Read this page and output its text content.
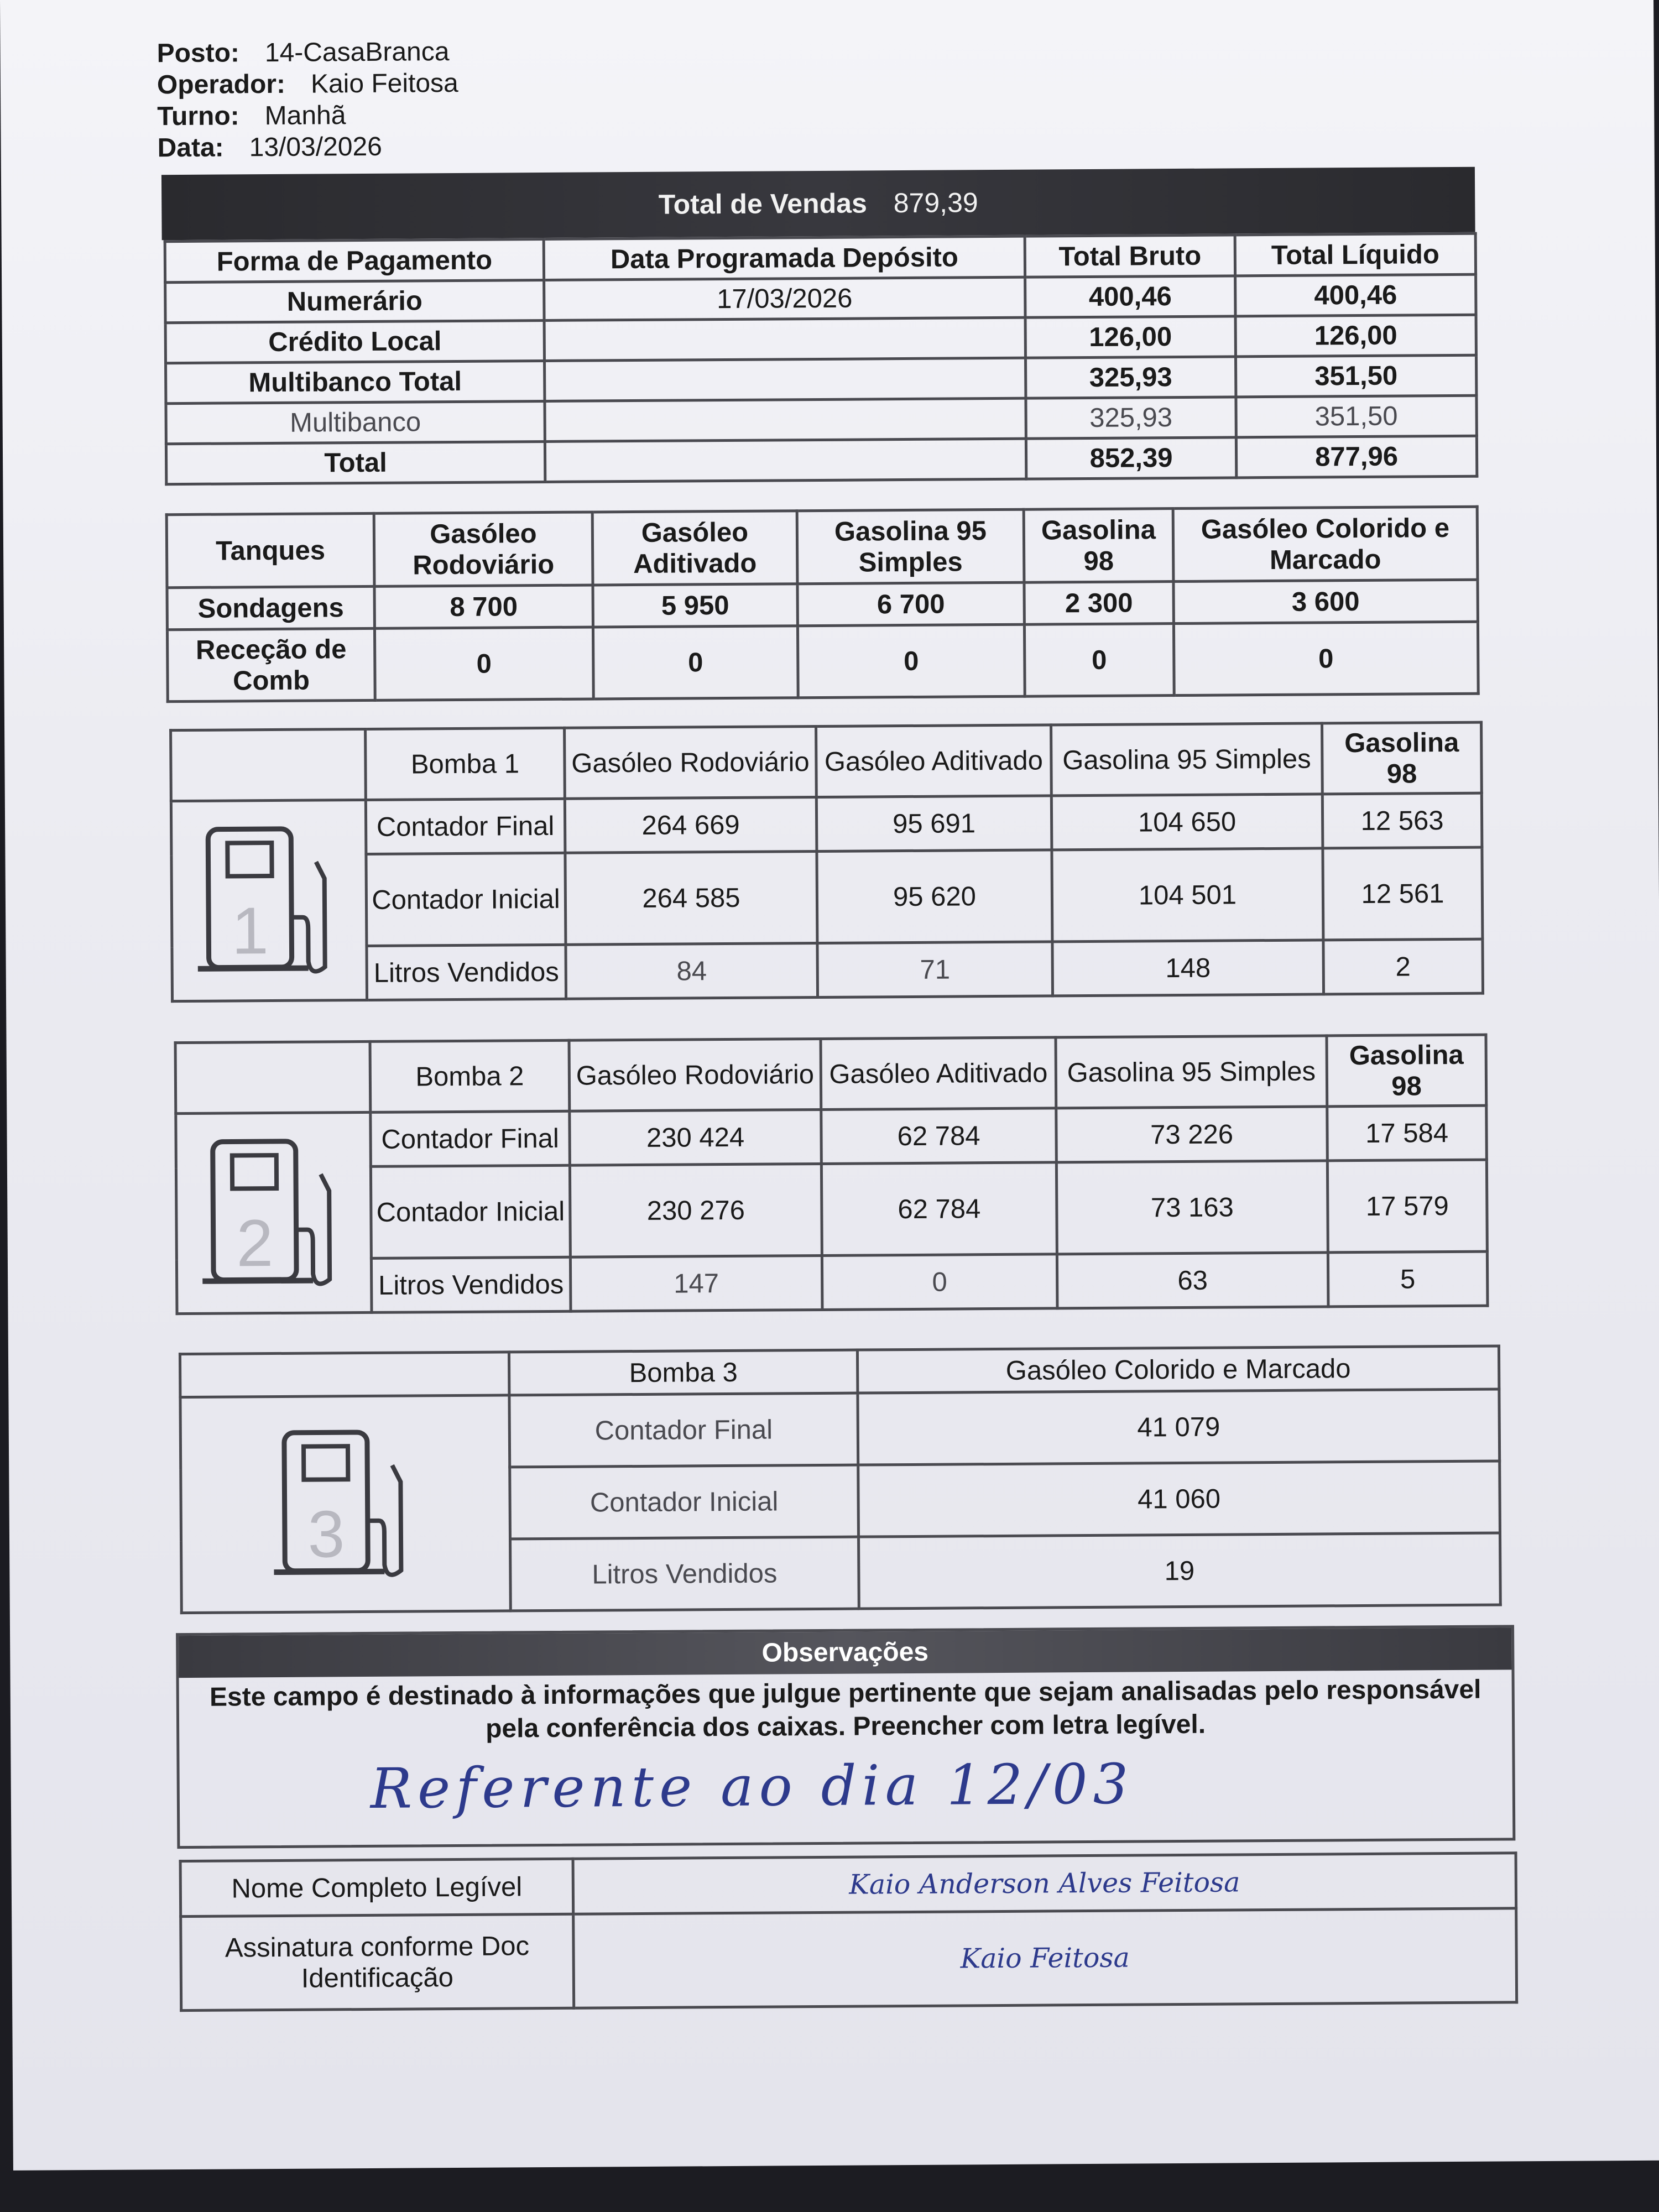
Posto: 14-CasaBranca
Operador: Kaio Feitosa
Turno: Manhã
Data: 13/03/2026
Total de Vendas 879,39
Forma de Pagamento	Data Programada Depósito	Total Bruto	Total Líquido
Numerário	17/03/2026	400,46	400,46
Crédito Local		126,00	126,00
Multibanco Total		325,93	351,50
Multibanco		325,93	351,50
Total		852,39	877,96
Tanques	Gasóleo Rodoviário	Gasóleo Aditivado	Gasolina 95 Simples	Gasolina 98	Gasóleo Colorido e Marcado
Sondagens	8 700	5 950	6 700	2 300	3 600
Receção de Comb	0	0	0	0	0
	Bomba 1	Gasóleo Rodoviário	Gasóleo Aditivado	Gasolina 95 Simples	Gasolina 98

1	Contador Final	264 669	95 691	104 650	12 563
	Contador Inicial	264 585	95 620	104 501	12 561
	Litros Vendidos	84	71	148	2
	Bomba 2	Gasóleo Rodoviário	Gasóleo Aditivado	Gasolina 95 Simples	Gasolina 98

2	Contador Final	230 424	62 784	73 226	17 584
	Contador Inicial	230 276	62 784	73 163	17 579
	Litros Vendidos	147	0	63	5
	Bomba 3	Gasóleo Colorido e Marcado

3	Contador Final	41 079
	Contador Inicial	41 060
	Litros Vendidos	19
Observações
Este campo é destinado à informações que julgue pertinente que sejam analisadas pelo responsável pela conferência dos caixas. Preencher com letra legível.
Referente ao dia 12/03
Nome Completo Legível	Kaio Anderson Alves Feitosa
Assinatura conforme Doc Identificação	Kaio Feitosa
